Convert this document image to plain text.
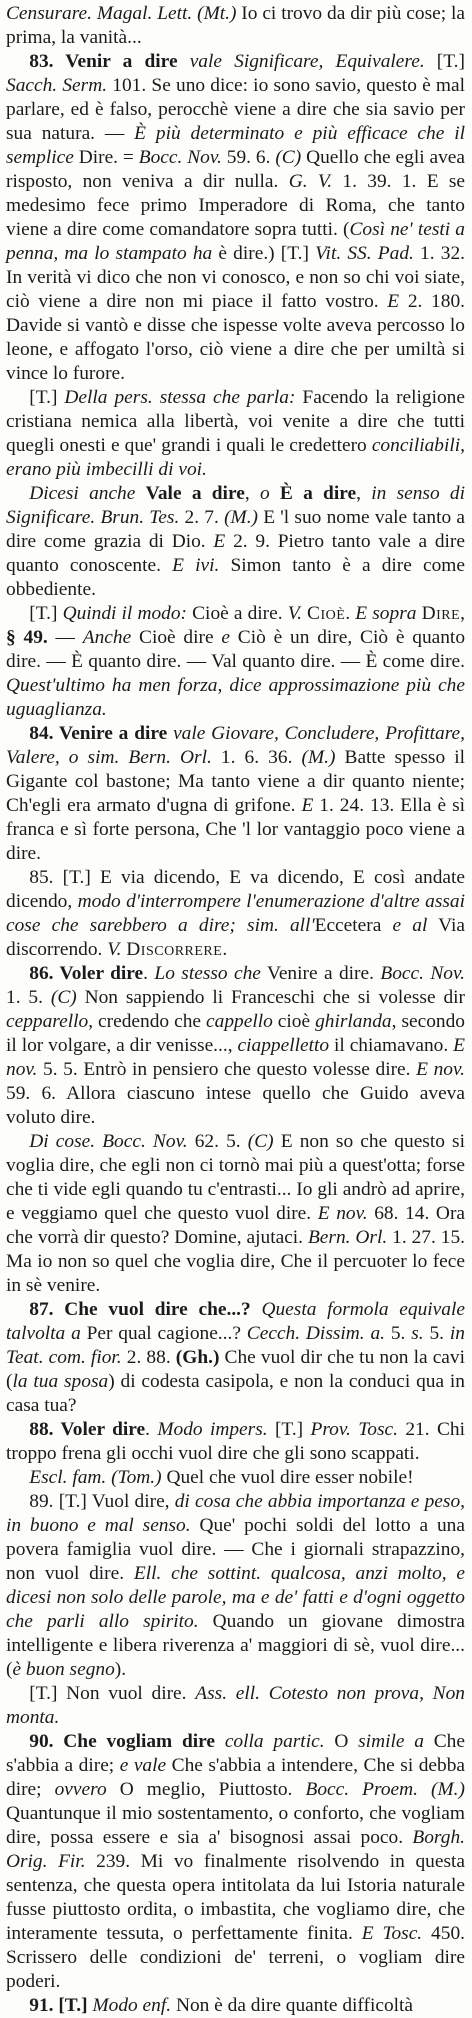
Censurare. Magal. Lett. (Mt.) Io ci trovo da dir più cose; la prima, la vanità...

83. Venir a dire vale Significare, Equivalere. [T.] Sacch. Serm. 101. Se uno dice: io sono savio, questo è mal parlare, ed è falso, perocchè viene a dire che sia savio per sua natura. — È più determinato e più efficace che il semplice Dire. = Bocc. Nov. 59. 6. (C) Quello che egli avea risposto, non veniva a dir nulla. G. V. 1. 39. 1. E se medesimo fece primo Imperadore di Roma, che tanto viene a dire come comandatore sopra tutti. (Così ne' testi a penna, ma lo stampato ha è dire.) [T.] Vit. SS. Pad. 1. 32. In verità vi dico che non vi conosco, e non so chi voi siate, ciò viene a dire non mi piace il fatto vostro. E 2. 180. Davide si vantò e disse che ispesse volte aveva percosso lo leone, e affogato l'orso, ciò viene a dire che per umiltà si vince lo furore.

[T.] Della pers. stessa che parla: Facendo la religione cristiana nemica alla libertà, voi venite a dire che tutti quegli onesti e que' grandi i quali le credettero conciliabili, erano più imbecilli di voi.

Dicesi anche Vale a dire, o È a dire, in senso di Significare. Brun. Tes. 2. 7. (M.) E 'l suo nome vale tanto a dire come grazia di Dio. E 2. 9. Pietro tanto vale a dire quanto conoscente. E ivi. Simon tanto è a dire come obbediente.

[T.] Quindi il modo: Cioè a dire. V. Cioè. E sopra Dire, § 49. — Anche Cioè dire e Ciò è un dire, Ciò è quanto dire. — È quanto dire. — Val quanto dire. — È come dire. Quest'ultimo ha men forza, dice approssimazione più che uguaglianza.

84. Venire a dire vale Giovare, Concludere, Profittare, Valere, o sim. Bern. Orl. 1. 6. 36. (M.) Batte spesso il Gigante col bastone; Ma tanto viene a dir quanto niente; Ch'egli era armato d'ugna di grifone. E 1. 24. 13. Ella è sì franca e sì forte persona, Che 'l lor vantaggio poco viene a dire.

85. [T.] E via dicendo, E va dicendo, E così andate dicendo, modo d'interrompere l'enumerazione d'altre assai cose che sarebbero a dire; sim. all'Eccetera e al Via discorrendo. V. Discorrere.

86. Voler dire. Lo stesso che Venire a dire. Bocc. Nov. 1. 5. (C) Non sappiendo li Franceschi che si volesse dir cepparello, credendo che cappello cioè ghirlanda, secondo il lor volgare, a dir venisse..., ciappelletto il chiamavano. E nov. 5. 5. Entrò in pensiero che questo volesse dire. E nov. 59. 6. Allora ciascuno intese quello che Guido aveva voluto dire.

Di cose. Bocc. Nov. 62. 5. (C) E non so che questo si voglia dire, che egli non ci tornò mai più a quest'otta; forse che ti vide egli quando tu c'entrasti... Io gli andrò ad aprire, e veggiamo quel che questo vuol dire. E nov. 68. 14. Ora che vorrà dir questo? Domine, ajutaci. Bern. Orl. 1. 27. 15. Ma io non so quel che voglia dire, Che il percuoter lo fece in sè venire.

87. Che vuol dire che...? Questa formola equivale talvolta a Per qual cagione...? Cecch. Dissim. a. 5. s. 5. in Teat. com. fior. 2. 88. (Gh.) Che vuol dir che tu non la cavi (la tua sposa) di codesta casipola, e non la conduci qua in casa tua?

88. Voler dire. Modo impers. [T.] Prov. Tosc. 21. Chi troppo frena gli occhi vuol dire che gli sono scappati.

Escl. fam. (Tom.) Quel che vuol dire esser nobile!

89. [T.] Vuol dire, di cosa che abbia importanza e peso, in buono e mal senso. Que' pochi soldi del lotto a una povera famiglia vuol dire. — Che i giornali strapazzino, non vuol dire. Ell. che sottint. qualcosa, anzi molto, e dicesi non solo delle parole, ma e de' fatti e d'ogni oggetto che parli allo spirito. Quando un giovane dimostra intelligente e libera riverenza a' maggiori di sè, vuol dire... (è buon segno).

[T.] Non vuol dire. Ass. ell. Cotesto non prova, Non monta.

90. Che vogliam dire colla partic. O simile a Che s'abbia a dire; e vale Che s'abbia a intendere, Che si debba dire; ovvero O meglio, Piuttosto. Bocc. Proem. (M.) Quantunque il mio sostentamento, o conforto, che vogliam dire, possa essere e sia a' bisognosi assai poco. Borgh. Orig. Fir. 239. Mi vo finalmente risolvendo in questa sentenza, che questa opera intitolata da lui Istoria naturale fusse piuttosto ordita, o imbastita, che vogliamo dire, che interamente tessuta, o perfettamente finita. E Tosc. 450. Scrissero delle condizioni de' terreni, o vogliam dire poderi.

91. [T.] Modo enf. Non è da dire quante difficoltà
